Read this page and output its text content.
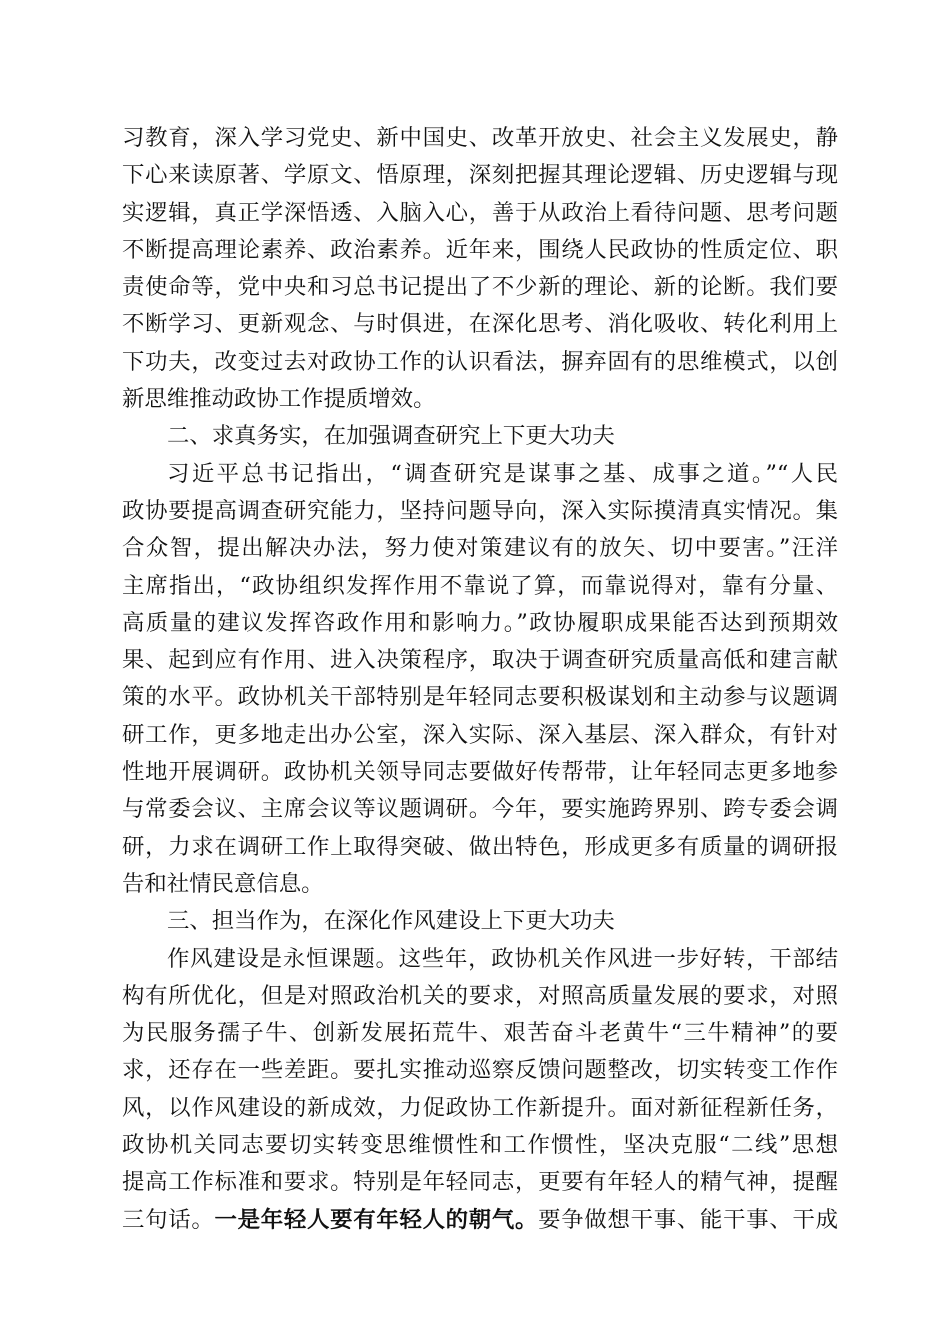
习教育，深入学习党史、新中国史、改革开放史、社会主义发展史，静
下心来读原著、学原文、悟原理，深刻把握其理论逻辑、历史逻辑与现
实逻辑，真正学深悟透、入脑入心，善于从政治上看待问题、思考问题
不断提高理论素养、政治素养。近年来，围绕人民政协的性质定位、职
责使命等，党中央和习总书记提出了不少新的理论、新的论断。我们要
不断学习、更新观念、与时俱进，在深化思考、消化吸收、转化利用上
下功夫，改变过去对政协工作的认识看法，摒弃固有的思维模式，以创
新思维推动政协工作提质增效。
二、求真务实，在加强调查研究上下更大功夫
习近平总书记指出，“调查研究是谋事之基、成事之道。”“人民
政协要提高调查研究能力，坚持问题导向，深入实际摸清真实情况。集
合众智，提出解决办法，努力使对策建议有的放矢、切中要害。”汪洋
主席指出，“政协组织发挥作用不靠说了算，而靠说得对，靠有分量、
高质量的建议发挥咨政作用和影响力。”政协履职成果能否达到预期效
果、起到应有作用、进入决策程序，取决于调查研究质量高低和建言献
策的水平。政协机关干部特别是年轻同志要积极谋划和主动参与议题调
研工作，更多地走出办公室，深入实际、深入基层、深入群众，有针对
性地开展调研。政协机关领导同志要做好传帮带，让年轻同志更多地参
与常委会议、主席会议等议题调研。今年，要实施跨界别、跨专委会调
研，力求在调研工作上取得突破、做出特色，形成更多有质量的调研报
告和社情民意信息。
三、担当作为，在深化作风建设上下更大功夫
作风建设是永恒课题。这些年，政协机关作风进一步好转，干部结
构有所优化，但是对照政治机关的要求，对照高质量发展的要求，对照
为民服务孺子牛、创新发展拓荒牛、艰苦奋斗老黄牛“三牛精神”的要
求，还存在一些差距。要扎实推动巡察反馈问题整改，切实转变工作作
风，以作风建设的新成效，力促政协工作新提升。面对新征程新任务，
政协机关同志要切实转变思维惯性和工作惯性，坚决克服“二线”思想
提高工作标准和要求。特别是年轻同志，更要有年轻人的精气神，提醒
三句话。一是年轻人要有年轻人的朝气。要争做想干事、能干事、干成
